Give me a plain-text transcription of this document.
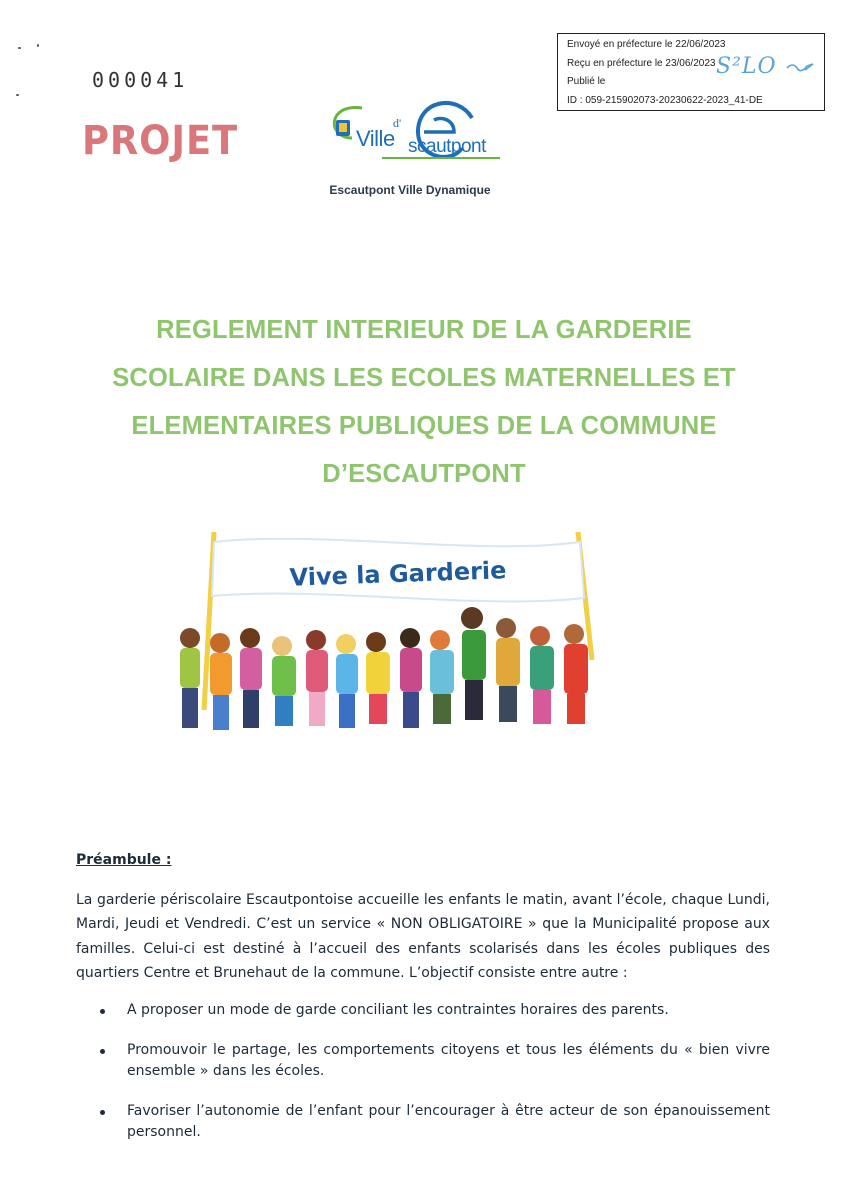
000041
PROJET
Envoyé en préfecture le 22/06/2023
Reçu en préfecture le 23/06/2023
Publié le
ID : 059-215902073-20230622-2023_41-DE
S²LO
Ville
d'
scautpont
Escautpont Ville Dynamique
REGLEMENT INTERIEUR DE LA GARDERIE SCOLAIRE DANS LES ECOLES MATERNELLES ET ELEMENTAIRES PUBLIQUES DE LA COMMUNE D’ESCAUTPONT
Vive la Garderie
Préambule :
La garderie périscolaire Escautpontoise accueille les enfants le matin, avant l’école, chaque Lundi, Mardi, Jeudi et Vendredi. C’est un service « NON OBLIGATOIRE » que la Municipalité propose aux familles. Celui-ci est destiné à l’accueil des enfants scolarisés dans les écoles publiques des quartiers Centre et Brunehaut de la commune. L’objectif consiste entre autre :
A proposer un mode de garde conciliant les contraintes horaires des parents.
Promouvoir le partage, les comportements citoyens et tous les éléments du « bien vivre ensemble » dans les écoles.
Favoriser l’autonomie de l’enfant pour l’encourager à être acteur de son épanouissement personnel.
